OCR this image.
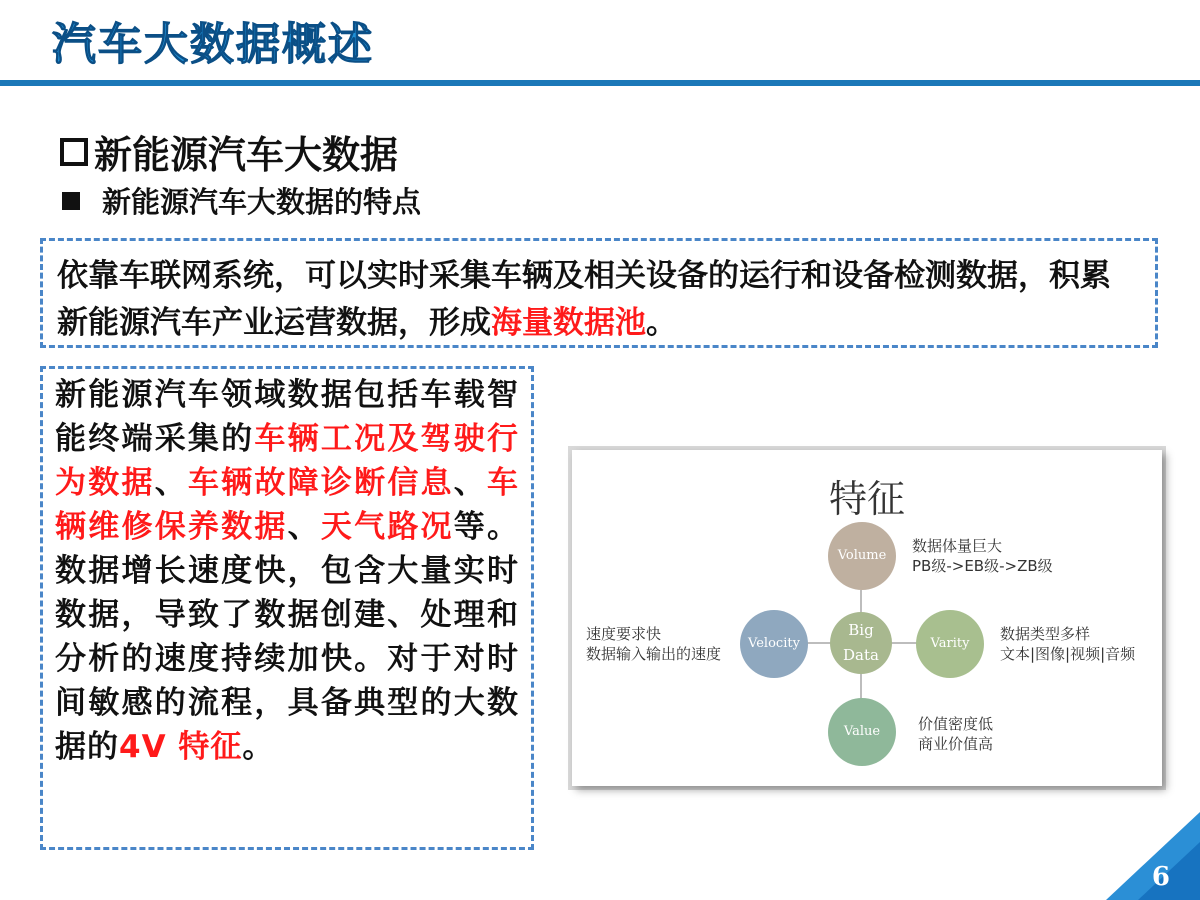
汽车大数据概述
新能源汽车大数据
新能源汽车大数据的特点
依靠车联网系统，可以实时采集车辆及相关设备的运行和设备检测数据，积累新能源汽车产业运营数据，形成海量数据池。
新能源汽车领域数据包括车载智能终端采集的车辆工况及驾驶行为数据、车辆故障诊断信息、车辆维修保养数据、天气路况等。数据增长速度快，包含大量实时数据，导致了数据创建、处理和分析的速度持续加快。对于对时间敏感的流程，具备典型的大数据的4V 特征。
特征
Volume
Velocity
Big
Data
Varity
Value
数据体量巨大
PB级->EB级->ZB级
速度要求快
数据输入输出的速度
数据类型多样
文本|图像|视频|音频
价值密度低
商业价值高
6
